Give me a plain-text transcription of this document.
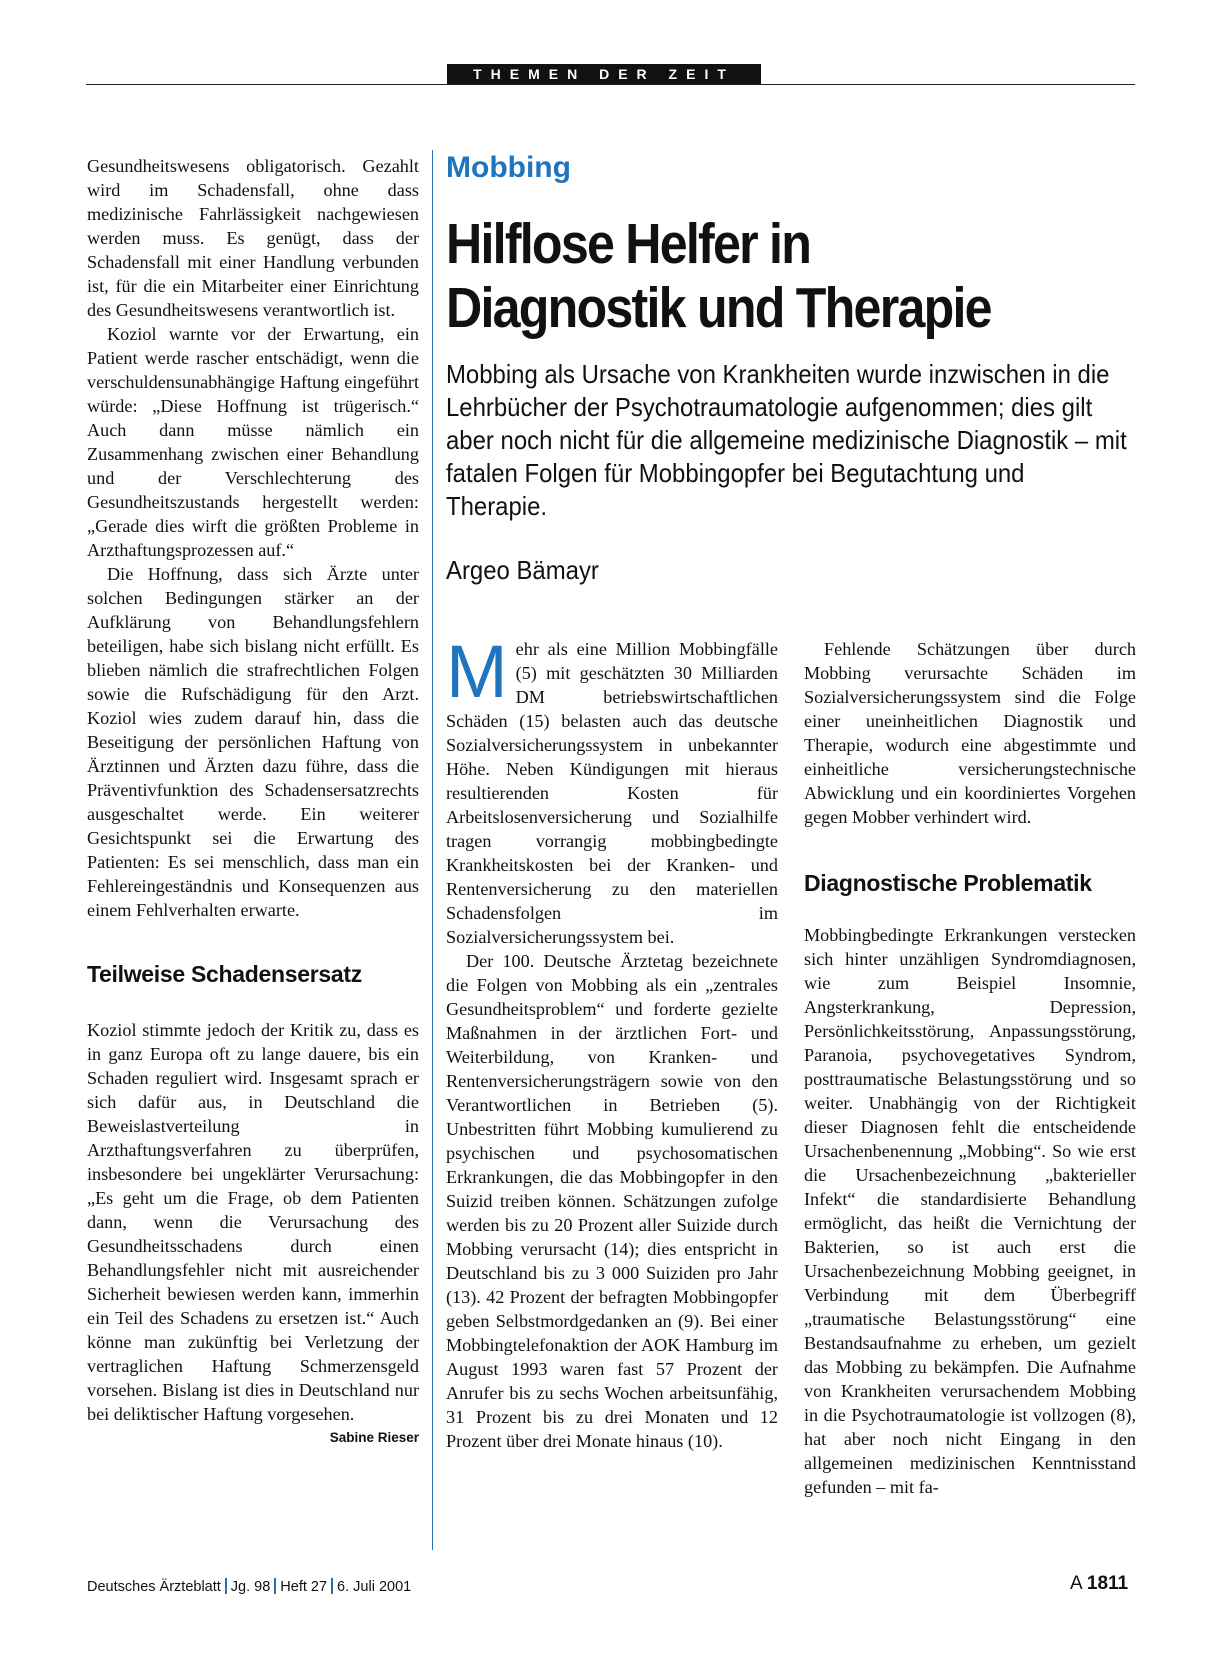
THEMEN DER ZEIT

Gesundheitswesens obligatorisch. Gezahlt wird im Schadensfall, ohne dass medizinische Fahrlässigkeit nachgewiesen werden muss. Es genügt, dass der Schadensfall mit einer Handlung verbunden ist, für die ein Mitarbeiter einer Einrichtung des Gesundheitswesens verantwortlich ist.

Koziol warnte vor der Erwartung, ein Patient werde rascher entschädigt, wenn die verschuldensunabhängige Haftung eingeführt würde: „Diese Hoffnung ist trügerisch.“ Auch dann müsse nämlich ein Zusammenhang zwischen einer Behandlung und der Verschlechterung des Gesundheitszustands hergestellt werden: „Gerade dies wirft die größten Probleme in Arzthaftungsprozessen auf.“

Die Hoffnung, dass sich Ärzte unter solchen Bedingungen stärker an der Aufklärung von Behandlungsfehlern beteiligen, habe sich bislang nicht erfüllt. Es blieben nämlich die strafrechtlichen Folgen sowie die Rufschädigung für den Arzt. Koziol wies zudem darauf hin, dass die Beseitigung der persönlichen Haftung von Ärztinnen und Ärzten dazu führe, dass die Präventivfunktion des Schadensersatzrechts ausgeschaltet werde. Ein weiterer Gesichtspunkt sei die Erwartung des Patienten: Es sei menschlich, dass man ein Fehlereingeständnis und Konsequenzen aus einem Fehlverhalten erwarte.

Teilweise Schadensersatz

Koziol stimmte jedoch der Kritik zu, dass es in ganz Europa oft zu lange dauere, bis ein Schaden reguliert wird. Insgesamt sprach er sich dafür aus, in Deutschland die Beweislastverteilung in Arzthaftungsverfahren zu überprüfen, insbesondere bei ungeklärter Verursachung: „Es geht um die Frage, ob dem Patienten dann, wenn die Verursachung des Gesundheitsschadens durch einen Behandlungsfehler nicht mit ausreichender Sicherheit bewiesen werden kann, immerhin ein Teil des Schadens zu ersetzen ist.“ Auch könne man zukünftig bei Verletzung der vertraglichen Haftung Schmerzensgeld vorsehen. Bislang ist dies in Deutschland nur bei deliktischer Haftung vorgesehen.
Sabine Rieser

Mobbing
Hilflose Helfer in
Diagnostik und Therapie
Mobbing als Ursache von Krankheiten wurde inzwischen in die Lehrbücher der Psychotraumatologie aufgenommen; dies gilt aber noch nicht für die allgemeine medizinische Diagnostik – mit fatalen Folgen für Mobbingopfer bei Begutachtung und Therapie.
Argeo Bämayr

Mehr als eine Million Mobbingfälle (5) mit geschätzten 30 Milliarden DM betriebswirtschaftlichen Schäden (15) belasten auch das deutsche Sozialversicherungssystem in unbekannter Höhe. Neben Kündigungen mit hieraus resultierenden Kosten für Arbeitslosenversicherung und Sozialhilfe tragen vorrangig mobbingbedingte Krankheitskosten bei der Kranken- und Rentenversicherung zu den materiellen Schadensfolgen im Sozialversicherungssystem bei.

Der 100. Deutsche Ärztetag bezeichnete die Folgen von Mobbing als ein „zentrales Gesundheitsproblem“ und forderte gezielte Maßnahmen in der ärztlichen Fort- und Weiterbildung, von Kranken- und Rentenversicherungsträgern sowie von den Verantwortlichen in Betrieben (5). Unbestritten führt Mobbing kumulierend zu psychischen und psychosomatischen Erkrankungen, die das Mobbingopfer in den Suizid treiben können. Schätzungen zufolge werden bis zu 20 Prozent aller Suizide durch Mobbing verursacht (14); dies entspricht in Deutschland bis zu 3 000 Suiziden pro Jahr (13). 42 Prozent der befragten Mobbingopfer geben Selbstmordgedanken an (9). Bei einer Mobbingtelefonaktion der AOK Hamburg im August 1993 waren fast 57 Prozent der Anrufer bis zu sechs Wochen arbeitsunfähig, 31 Prozent bis zu drei Monaten und 12 Prozent über drei Monate hinaus (10).

Fehlende Schätzungen über durch Mobbing verursachte Schäden im Sozialversicherungssystem sind die Folge einer uneinheitlichen Diagnostik und Therapie, wodurch eine abgestimmte und einheitliche versicherungstechnische Abwicklung und ein koordiniertes Vorgehen gegen Mobber verhindert wird.

Diagnostische Problematik

Mobbingbedingte Erkrankungen verstecken sich hinter unzähligen Syndromdiagnosen, wie zum Beispiel Insomnie, Angsterkrankung, Depression, Persönlichkeitsstörung, Anpassungsstörung, Paranoia, psychovegetatives Syndrom, posttraumatische Belastungsstörung und so weiter. Unabhängig von der Richtigkeit dieser Diagnosen fehlt die entscheidende Ursachenbenennung „Mobbing“. So wie erst die Ursachenbezeichnung „bakterieller Infekt“ die standardisierte Behandlung ermöglicht, das heißt die Vernichtung der Bakterien, so ist auch erst die Ursachenbezeichnung Mobbing geeignet, in Verbindung mit dem Überbegriff „traumatische Belastungsstörung“ eine Bestandsaufnahme zu erheben, um gezielt das Mobbing zu bekämpfen. Die Aufnahme von Krankheiten verursachendem Mobbing in die Psychotraumatologie ist vollzogen (8), hat aber noch nicht Eingang in den allgemeinen medizinischen Kenntnisstand gefunden – mit fa-

Deutsches Ärzteblatt Jg. 98 Heft 27 6. Juli 2001	A 1811
